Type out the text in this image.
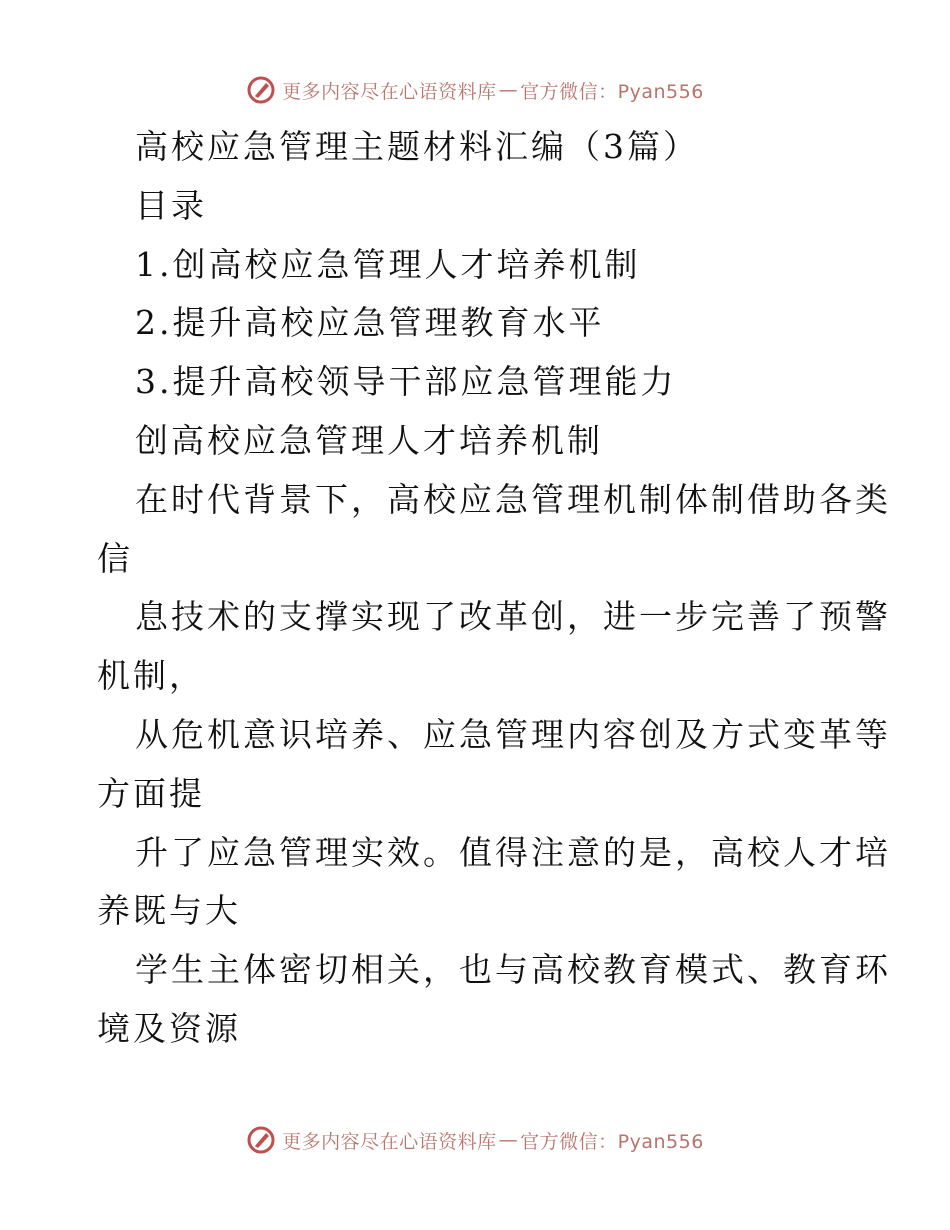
更多内容尽在心语资料库 — 官方微信：Pyan556
高校应急管理主题材料汇编（3篇）
目录
1.创高校应急管理人才培养机制
2.提升高校应急管理教育水平
3.提升高校领导干部应急管理能力
创高校应急管理人才培养机制
在时代背景下，高校应急管理机制体制借助各类
信
息技术的支撑实现了改革创，进一步完善了预警
机制，
从危机意识培养、应急管理内容创及方式变革等
方面提
升了应急管理实效。值得注意的是，高校人才培
养既与大
学生主体密切相关，也与高校教育模式、教育环
境及资源
更多内容尽在心语资料库 — 官方微信：Pyan556
